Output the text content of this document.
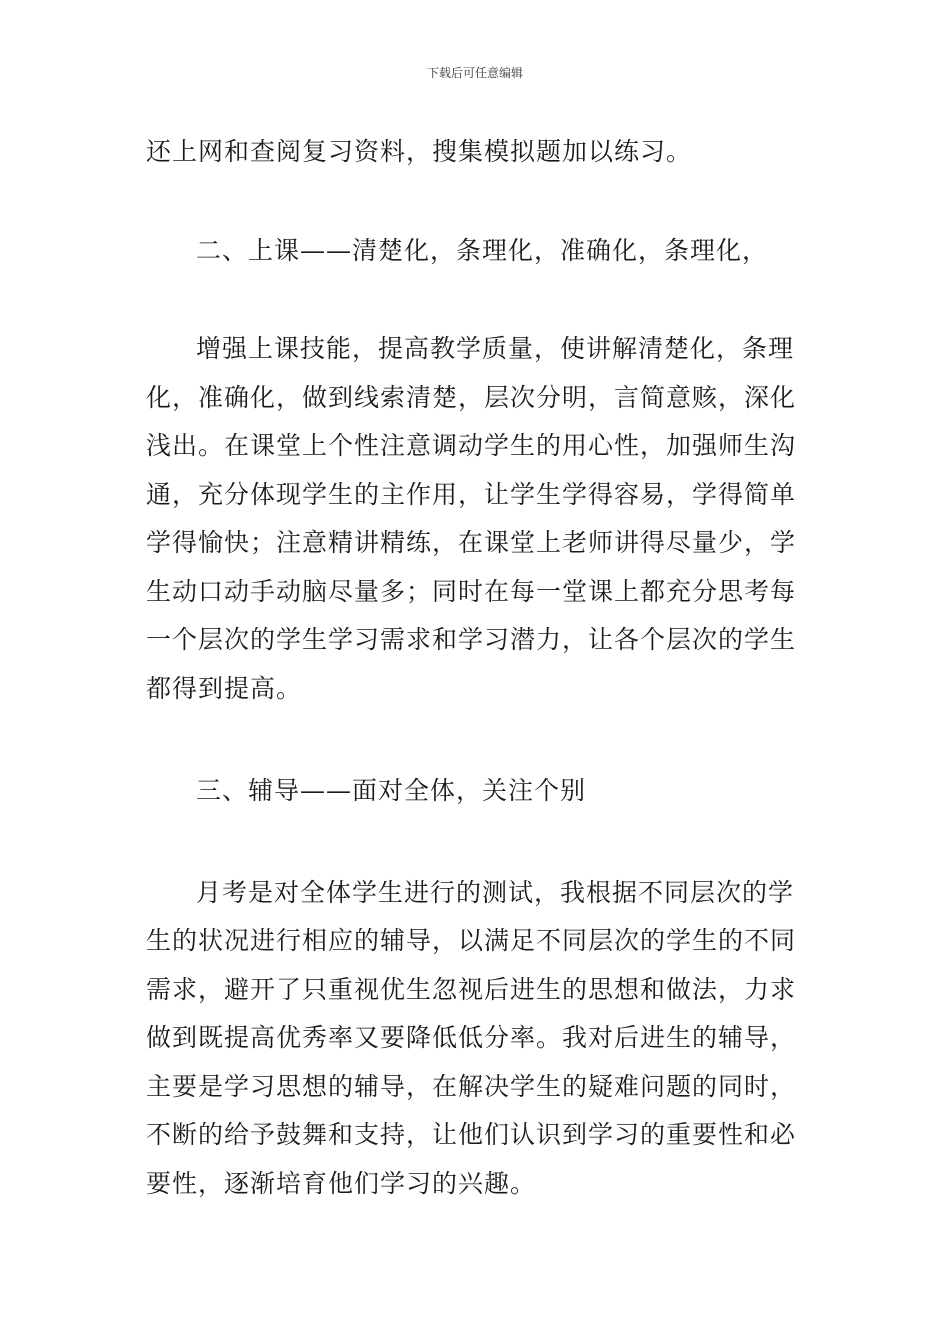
下载后可任意编辑
还上网和查阅复习资料，搜集模拟题加以练习。
二、上课——清楚化，条理化，准确化，条理化，
增强上课技能，提高教学质量，使讲解清楚化，条理
化，准确化，做到线索清楚，层次分明，言简意赅，深化
浅出。在课堂上个性注意调动学生的用心性，加强师生沟
通，充分体现学生的主作用，让学生学得容易，学得简单
学得愉快；注意精讲精练，在课堂上老师讲得尽量少，学
生动口动手动脑尽量多；同时在每一堂课上都充分思考每
一个层次的学生学习需求和学习潜力，让各个层次的学生
都得到提高。
三、辅导——面对全体，关注个别
月考是对全体学生进行的测试，我根据不同层次的学
生的状况进行相应的辅导，以满足不同层次的学生的不同
需求，避开了只重视优生忽视后进生的思想和做法，力求
做到既提高优秀率又要降低低分率。我对后进生的辅导，
主要是学习思想的辅导，在解决学生的疑难问题的同时，
不断的给予鼓舞和支持，让他们认识到学习的重要性和必
要性，逐渐培育他们学习的兴趣。
